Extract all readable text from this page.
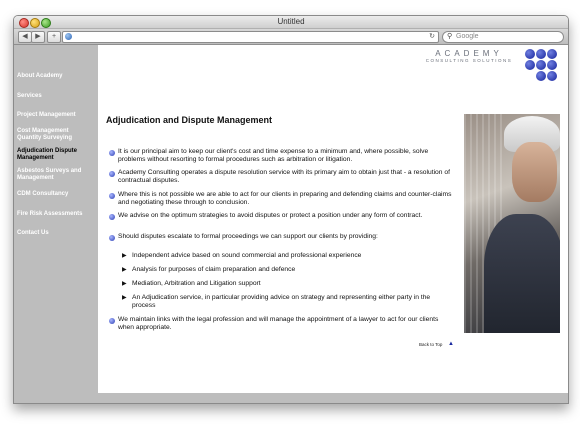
Untitled
◀	▶	+	↻ ⚲ Google
About Academy
Services
Project Management
Cost Management Quantity Surveying
Adjudication Dispute Management
Asbestos Surveys and Management
CDM Consultancy
Fire Risk Assessments
Contact Us
ACADEMY
CONSULTING SOLUTIONS
Adjudication and Dispute Management
It is our principal aim to keep our client's cost and time expense to a minimum and, where possible, solve problems without resorting to formal procedures such as arbitration or litigation.
Academy Consulting operates a dispute resolution service with its primary aim to obtain just that - a resolution of contractual disputes.
Where this is not possible we are able to act for our clients in preparing and defending claims and counter-claims and negotiating these through to conclusion.
We advise on the optimum strategies to avoid disputes or protect a position under any form of contract.
Should disputes escalate to formal proceedings we can support our clients by providing:
▶ Independent advice based on sound commercial and professional experience
▶ Analysis for purposes of claim preparation and defence
▶ Mediation, Arbitration and Litigation support
▶ An Adjudication service, in particular providing advice on strategy and representing either party in the process
We maintain links with the legal profession and will manage the appointment of a lawyer to act for our clients when appropriate.
Back to Top ▲
